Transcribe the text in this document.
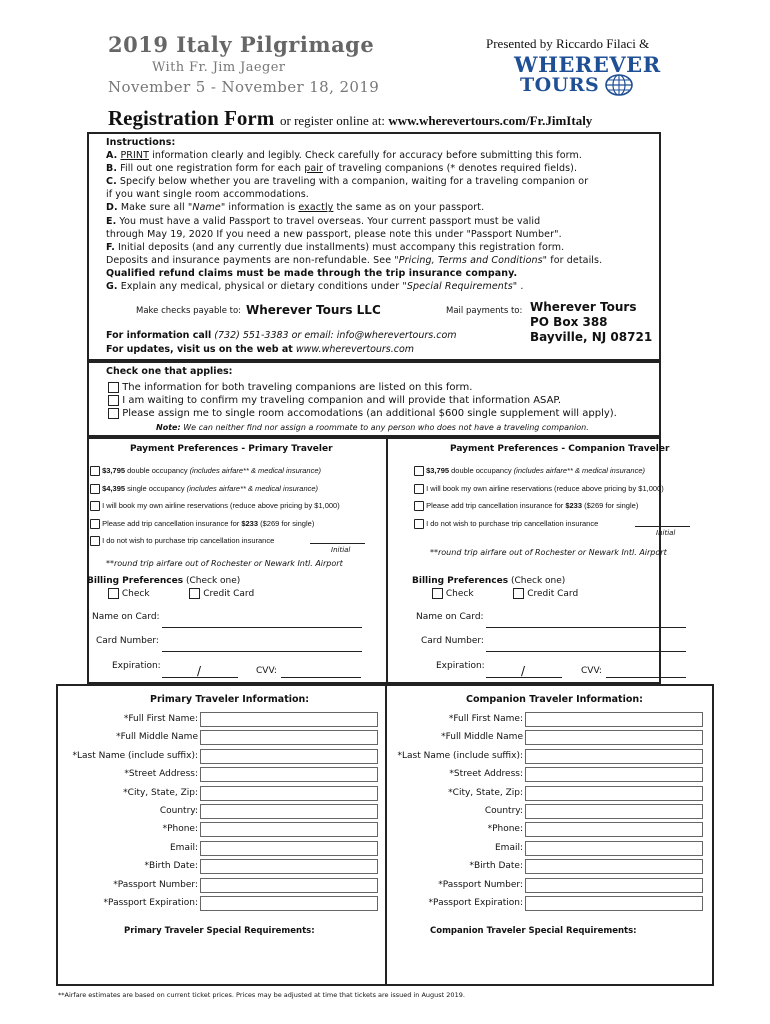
2019 Italy Pilgrimage
With Fr. Jim Jaeger
November 5 - November 18, 2019
Presented by Riccardo Filaci &
WHEREVER
TOURS
Registration Form or register online at: www.wherevertours.com/Fr.JimItaly

Instructions:

A. PRINT information clearly and legibly. Check carefully for accuracy before submitting this form.

B. Fill out one registration form for each pair of traveling companions (* denotes required fields).

C. Specify below whether you are traveling with a companion, waiting for a traveling companion or

if you want single room accommodations.

D. Make sure all "Name" information is exactly the same as on your passport.

E. You must have a valid Passport to travel overseas. Your current passport must be valid

through May 19, 2020 If you need a new passport, please note this under "Passport Number".

F. Initial deposits (and any currently due installments) must accompany this registration form.

Deposits and insurance payments are non-refundable. See "Pricing, Terms and Conditions" for details.

Qualified refund claims must be made through the trip insurance company.

G. Explain any medical, physical or dietary conditions under "Special Requirements" .

Make checks payable to: Wherever Tours LLC	Mail payments to: Wherever Tours
PO Box 388
Bayville, NJ 08721
For information call (732) 551-3383 or email: info@wherevertours.com
For updates, visit us on the web at www.wherevertours.com
Check one that applies:
The information for both traveling companions are listed on this form.
I am waiting to confirm my traveling companion and will provide that information ASAP.
Please assign me to single room accomodations (an additional $600 single supplement will apply).
Note: We can neither find nor assign a roommate to any person who does not have a traveling companion.
Payment Preferences - Primary Traveler	Payment Preferences - Companion Traveler
$3,795 double occupancy (includes airfare** & medical insurance)
$4,395 single occupancy (includes airfare** & medical insurance)
I will book my own airline reservations (reduce above pricing by $1,000)
Please add trip cancellation insurance for $233 ($269 for single)
I do not wish to purchase trip cancellation insurance
Initial
**round trip airfare out of Rochester or Newark Intl. Airport
$3,795 double occupancy (includes airfare** & medical insurance)
I will book my own airline reservations (reduce above pricing by $1,000)
Please add trip cancellation insurance for $233 ($269 for single)
I do not wish to purchase trip cancellation insurance
Initial
**round trip airfare out of Rochester or Newark Intl. Airport
Billing Preferences (Check one)
Check	Credit Card
Name on Card:
Card Number:
Expiration:	/	CVV:
Billing Preferences (Check one)
Check	Credit Card
Name on Card:
Card Number:
Expiration:	/	CVV:
Primary Traveler Information:	Companion Traveler Information:
*Full First Name:
*Full Middle Name
*Last Name (include suffix):
*Street Address:
*City, State, Zip:
Country:
*Phone:
Email:
*Birth Date:
*Passport Number:
*Passport Expiration:
*Full First Name:
*Full Middle Name
*Last Name (include suffix):
*Street Address:
*City, State, Zip:
Country:
*Phone:
Email:
*Birth Date:
*Passport Number:
*Passport Expiration:
Primary Traveler Special Requirements:	Companion Traveler Special Requirements:
**Airfare estimates are based on current ticket prices. Prices may be adjusted at time that tickets are issued in August 2019.
